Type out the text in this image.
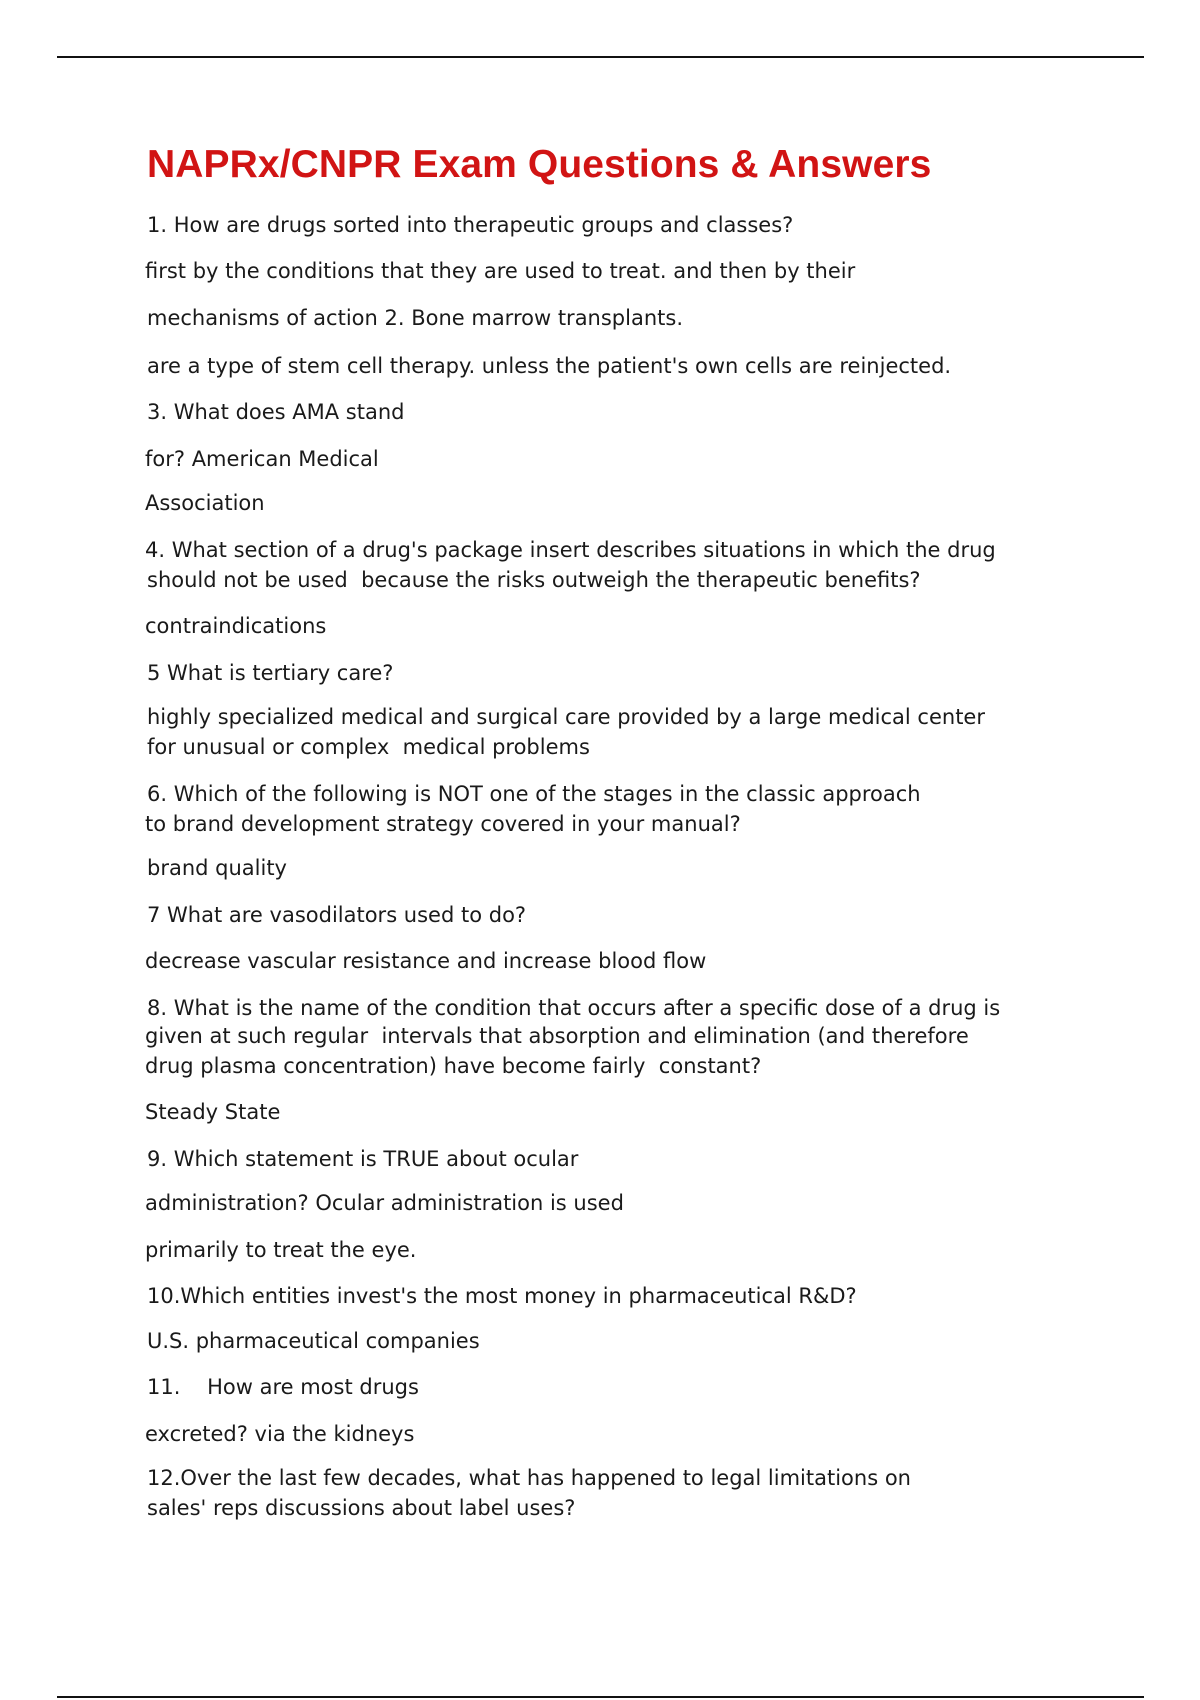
NAPRx/CNPR Exam Questions & Answers

1. How are drugs sorted into therapeutic groups and classes?

first by the conditions that they are used to treat. and then by their

mechanisms of action 2. Bone marrow transplants.

are a type of stem cell therapy. unless the patient's own cells are reinjected.

3. What does AMA stand

for? American Medical

Association

4. What section of a drug's package insert describes situations in which the drug

should not be used  because the risks outweigh the therapeutic benefits?

contraindications

5 What is tertiary care?

highly specialized medical and surgical care provided by a large medical center

for unusual or complex  medical problems

6. Which of the following is NOT one of the stages in the classic approach

to brand development strategy covered in your manual?

brand quality

7 What are vasodilators used to do?

decrease vascular resistance and increase blood flow

8. What is the name of the condition that occurs after a specific dose of a drug is

given at such regular  intervals that absorption and elimination (and therefore

drug plasma concentration) have become fairly  constant?

Steady State

9. Which statement is TRUE about ocular

administration? Ocular administration is used

primarily to treat the eye.

10.Which entities invest's the most money in pharmaceutical R&D?

U.S. pharmaceutical companies

11.    How are most drugs

excreted? via the kidneys

12.Over the last few decades, what has happened to legal limitations on

sales' reps discussions about label uses?
